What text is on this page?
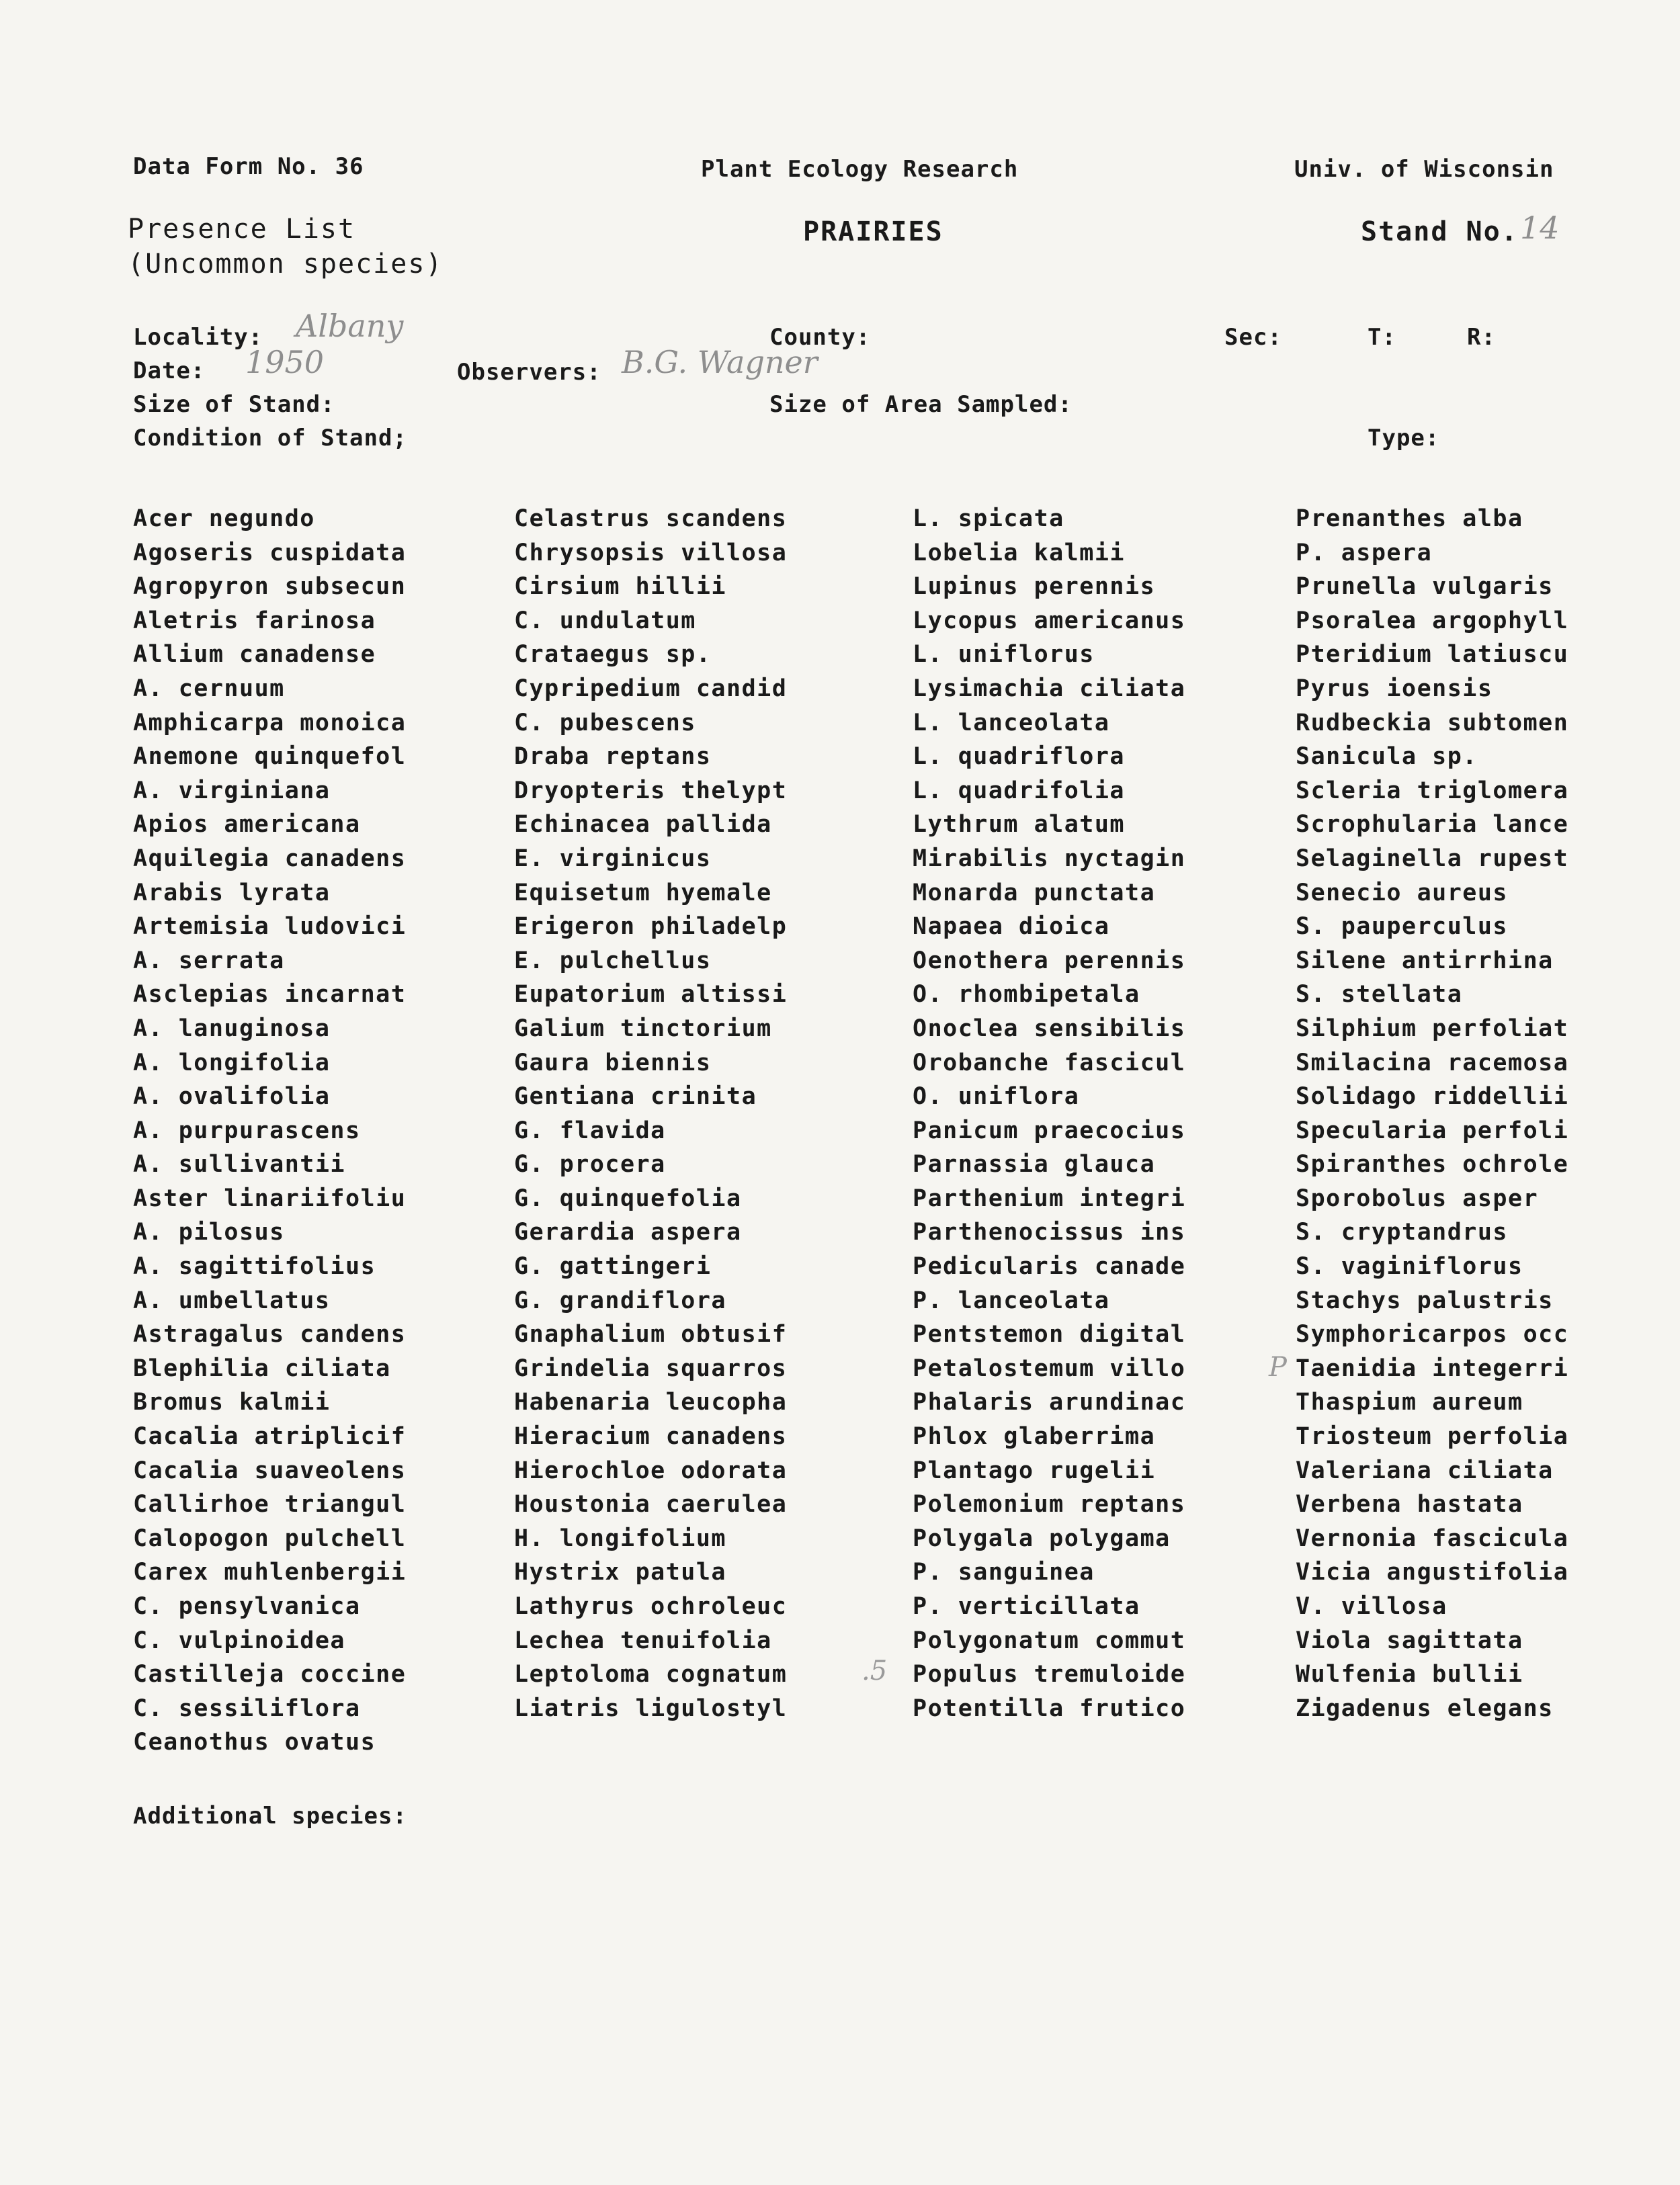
Data Form No. 36	Plant Ecology Research	Univ. of Wisconsin
Presence List
(Uncommon species)
PRAIRIES	Stand No. 14
Locality: Albany	County:	Sec:	T:	R:
Date: 1950	Observers: B.G. Wagner
Size of Stand:	Size of Area Sampled:
Condition of Stand;	Type:
Acer negundo
Agoseris cuspidata
Agropyron subsecun
Aletris farinosa
Allium canadense
A. cernuum
Amphicarpa monoica
Anemone quinquefol
A. virginiana
Apios americana
Aquilegia canadens
Arabis lyrata
Artemisia ludovici
A. serrata
Asclepias incarnat
A. lanuginosa
A. longifolia
A. ovalifolia
A. purpurascens
A. sullivantii
Aster linariifoliu
A. pilosus
A. sagittifolius
A. umbellatus
Astragalus candens
Blephilia ciliata
Bromus kalmii
Cacalia atriplicif
Cacalia suaveolens
Callirhoe triangul
Calopogon pulchell
Carex muhlenbergii
C. pensylvanica
C. vulpinoidea
Castilleja coccine
C. sessiliflora
Ceanothus ovatus
Celastrus scandens
Chrysopsis villosa
Cirsium hillii
C. undulatum
Crataegus sp.
Cypripedium candid
C. pubescens
Draba reptans
Dryopteris thelypt
Echinacea pallida
E. virginicus
Equisetum hyemale
Erigeron philadelp
E. pulchellus
Eupatorium altissi
Galium tinctorium
Gaura biennis
Gentiana crinita
G. flavida
G. procera
G. quinquefolia
Gerardia aspera
G. gattingeri
G. grandiflora
Gnaphalium obtusif
Grindelia squarros
Habenaria leucopha
Hieracium canadens
Hierochloe odorata
Houstonia caerulea
H. longifolium
Hystrix patula
Lathyrus ochroleuc
Lechea tenuifolia
Leptoloma cognatum
Liatris ligulostyl
L. spicata
Lobelia kalmii
Lupinus perennis
Lycopus americanus
L. uniflorus
Lysimachia ciliata
L. lanceolata
L. quadriflora
L. quadrifolia
Lythrum alatum
Mirabilis nyctagin
Monarda punctata
Napaea dioica
Oenothera perennis
O. rhombipetala
Onoclea sensibilis
Orobanche fascicul
O. uniflora
Panicum praecocius
Parnassia glauca
Parthenium integri
Parthenocissus ins
Pedicularis canade
P. lanceolata
Pentstemon digital
Petalostemum villo
Phalaris arundinac
Phlox glaberrima
Plantago rugelii
Polemonium reptans
Polygala polygama
P. sanguinea
P. verticillata
Polygonatum commut
Populus tremuloide
Potentilla frutico
Prenanthes alba
P. aspera
Prunella vulgaris
Psoralea argophyll
Pteridium latiuscu
Pyrus ioensis
Rudbeckia subtomen
Sanicula sp.
Scleria triglomera
Scrophularia lance
Selaginella rupest
Senecio aureus
S. pauperculus
Silene antirrhina
S. stellata
Silphium perfoliat
Smilacina racemosa
Solidago riddellii
Specularia perfoli
Spiranthes ochrole
Sporobolus asper
S. cryptandrus
S. vaginiflorus
Stachys palustris
Symphoricarpos occ
Taenidia integerri
Thaspium aureum
Triosteum perfolia
Valeriana ciliata
Verbena hastata
Vernonia fascicula
Vicia angustifolia
V. villosa
Viola sagittata
Wulfenia bullii
Zigadenus elegans
.5
P
Additional species:
